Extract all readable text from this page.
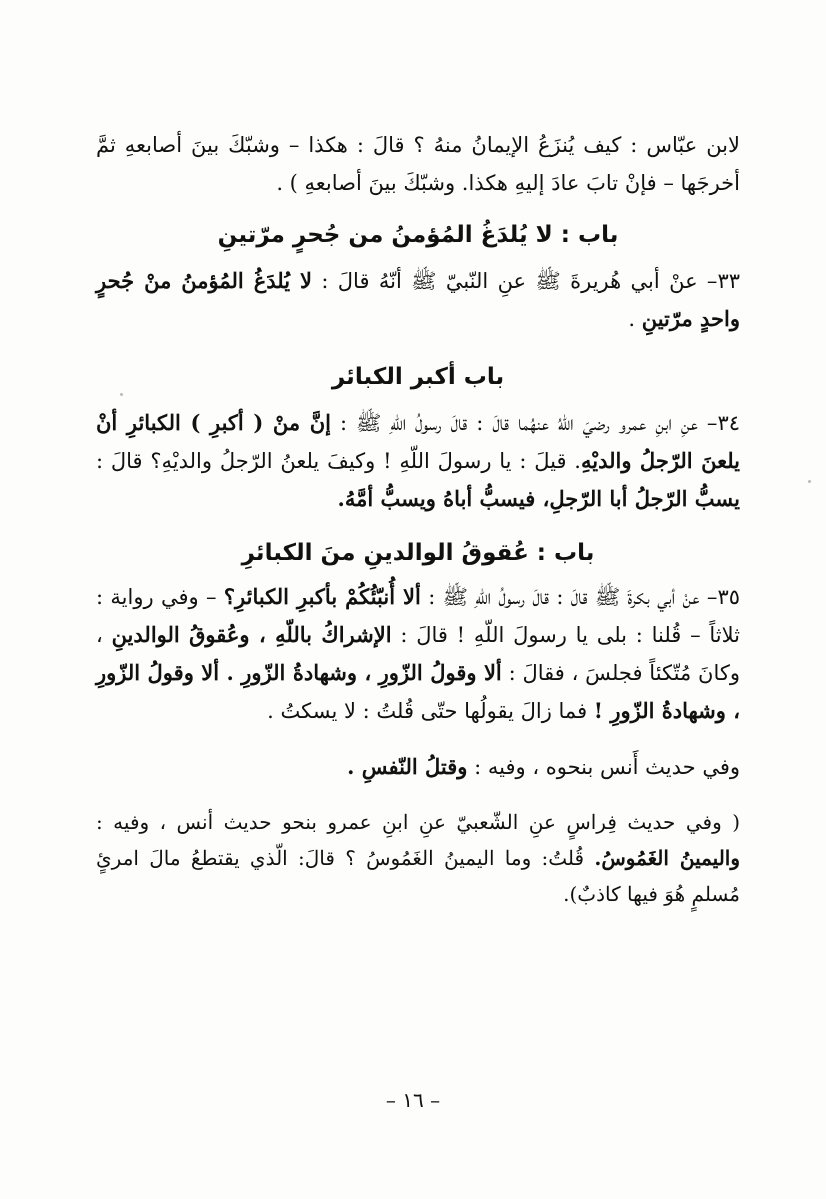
لابن عبّاس : كيف يُنزَعُ الإيمانُ منهُ ؟ قالَ : هكذا – وشبّكَ بينَ أصابعهِ ثمَّ أخرجَها – فإنْ تابَ عادَ إليهِ هكذا. وشبّكَ بينَ أصابعهِ ) .

باب : لا يُلدَغُ المُؤمنُ من جُحرٍ مرّتينِ

٣٣– عنْ أبي هُريرةَ ﷺ عنِ النّبيّ ﷺ أنّهُ قالَ : لا يُلدَغُ المُؤمنُ منْ جُحرٍ واحدٍ مرّتينِ .

باب أكبر الكبائر

٣٤– عنِ ابنِ عمرو رضيَ اللّهُ عنهُما قالَ : قالَ رسولُ اللّهِ ﷺ : إنَّ منْ ( أكبرِ ) الكبائرِ أنْ يلعنَ الرّجلُ والديْهِ. قيلَ : يا رسولَ اللّهِ ! وكيفَ يلعنُ الرّجلُ والديْهِ؟ قالَ : يسبُّ الرّجلُ أبا الرّجلِ، فيسبُّ أباهُ ويسبُّ أمَّهُ.

باب : عُقوقُ الوالدينِ منَ الكبائرِ

٣٥– عنْ أبي بكرةَ ﷺ قالَ : قالَ رسولُ اللّهِ ﷺ : ألا أُنبّئُكُمْ بأكبرِ الكبائرِ؟ – وفي رواية : ثلاثاً – قُلنا : بلى يا رسولَ اللّهِ ! قالَ : الإشراكُ باللّهِ ، وعُقوقُ الوالدينِ ، وكانَ مُتّكئاً فجلسَ ، فقالَ : ألا وقولُ الزّورِ ، وشهادةُ الزّورِ . ألا وقولُ الزّورِ ، وشهادةُ الزّورِ ! فما زالَ يقولُها حتّى قُلتُ : لا يسكتُ .

وفي حديث أَنس بنحوه ، وفيه : وقتلُ النّفسِ .

( وفي حديث فِراسٍ عنِ الشّعبيّ عنِ ابنِ عمرو بنحو حديث أنس ، وفيه : واليمينُ الغَمُوسُ. قُلتُ: وما اليمينُ الغَمُوسُ ؟ قالَ: الّذي يقتطعُ مالَ امرئٍ مُسلمٍ هُوَ فيها كاذبٌ).

– ١٦ –
